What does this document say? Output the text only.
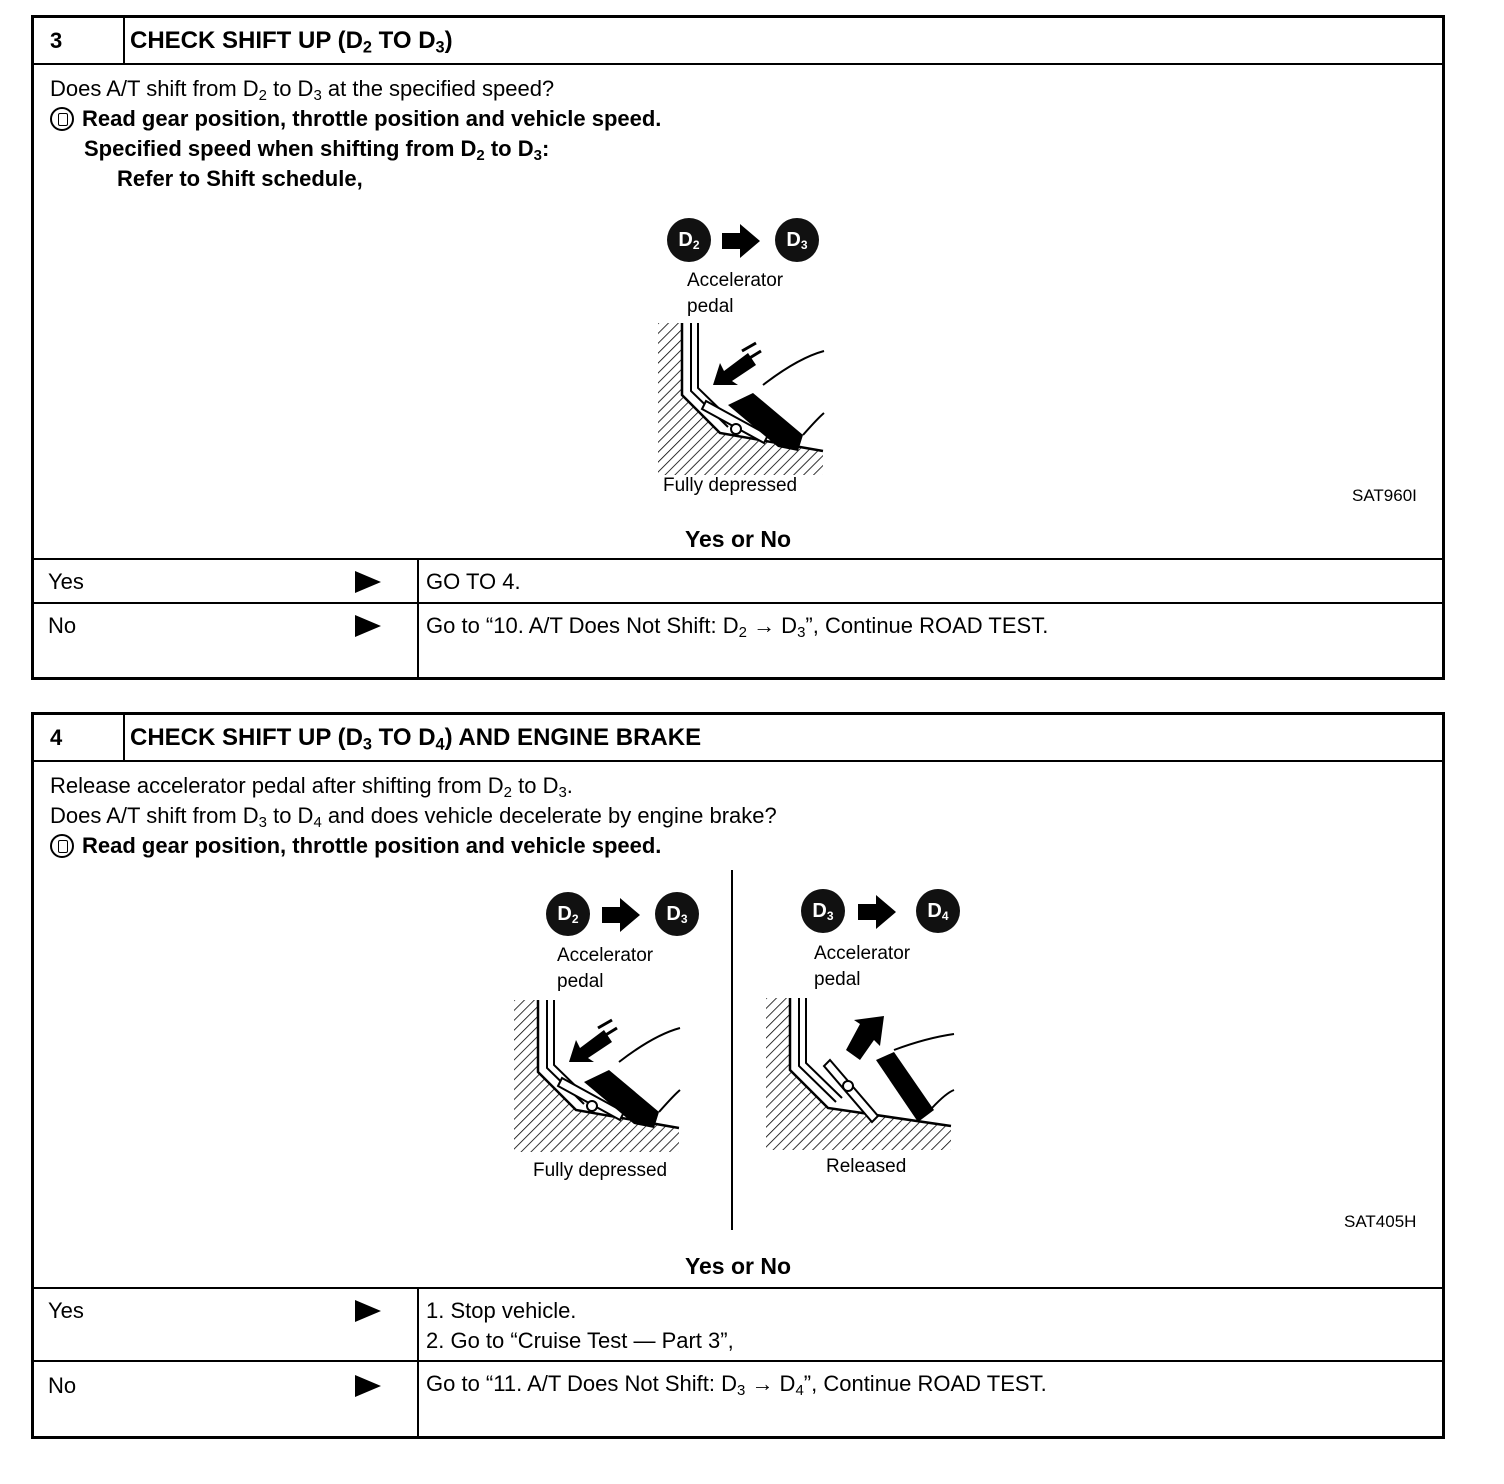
3	CHECK SHIFT UP ($D_2$ TO $D_3$)
Does A/T shift from $D_2$ to $D_3$ at the specified speed?
Read gear position, throttle position and vehicle speed.
Specified speed when shifting from $D_2$ to $D_3$:
Refer to Shift schedule,
$D_2$	$D_3$
Accelerator
pedal
Fully depressed	SAT960I
Yes or No
Yes	GO TO 4.
No	Go to “10. A/T Does Not Shift: $D_2 \to D_3$”, Continue ROAD TEST.
4	CHECK SHIFT UP ($D_3$ TO $D_4$) AND ENGINE BRAKE
Release accelerator pedal after shifting from $D_2$ to $D_3$.
Does A/T shift from $D_3$ to $D_4$ and does vehicle decelerate by engine brake?
Read gear position, throttle position and vehicle speed.
$D_2$	$D_3$
Accelerator
pedal
Fully depressed
$D_3$	$D_4$
Accelerator
pedal
Released
SAT405H
Yes or No
Yes	1. Stop vehicle.
2. Go to “Cruise Test — Part 3”,
No	Go to “11. A/T Does Not Shift: $D_3 \to D_4$”, Continue ROAD TEST.
